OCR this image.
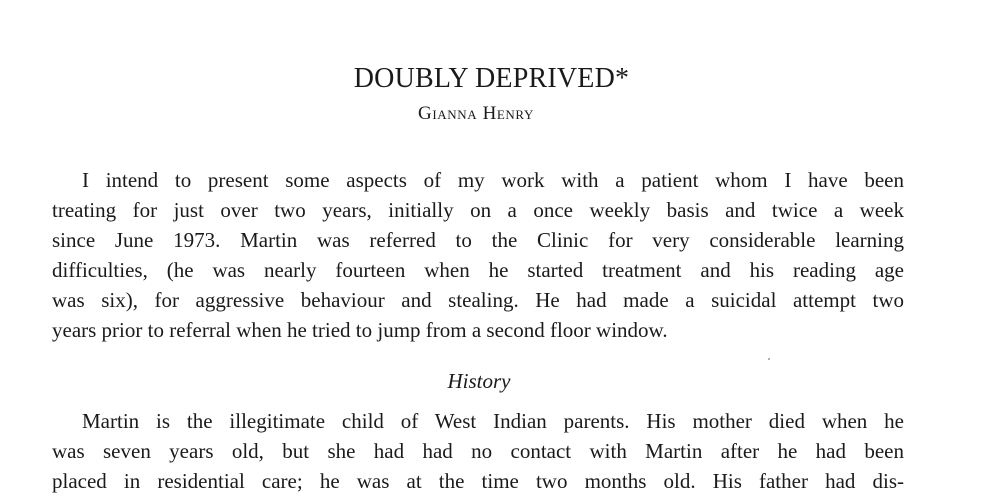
DOUBLY DEPRIVED*
Gianna Henry
I intend to present some aspects of my work with a patient whom I have been
treating for just over two years, initially on a once weekly basis and twice a week
since June 1973. Martin was referred to the Clinic for very considerable learning
difficulties, (he was nearly fourteen when he started treatment and his reading age
was six), for aggressive behaviour and stealing. He had made a suicidal attempt two
years prior to referral when he tried to jump from a second floor window.
History
Martin is the illegitimate child of West Indian parents. His mother died when he
was seven years old, but she had had no contact with Martin after he had been
placed in residential care; he was at the time two months old. His father had dis-
